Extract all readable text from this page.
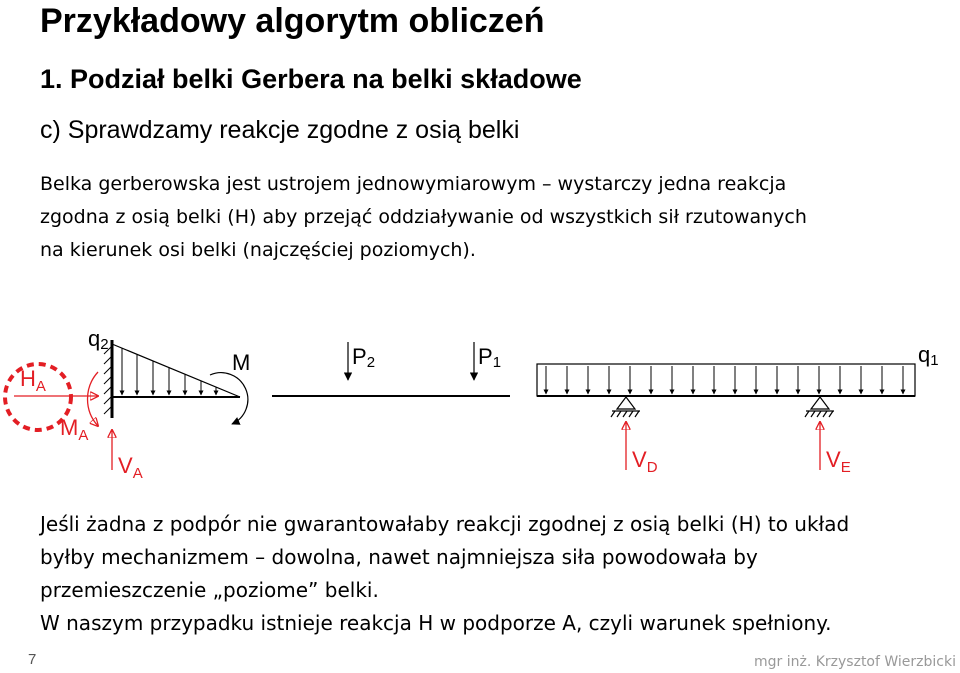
Przykładowy algorytm obliczeń
1. Podział belki Gerbera na belki składowe
c) Sprawdzamy reakcje zgodne z osią belki
Belka gerberowska jest ustrojem jednowymiarowym – wystarczy jedna reakcja
zgodna z osią belki (H) aby przejąć oddziaływanie od wszystkich sił rzutowanych
na kierunek osi belki (najczęściej poziomych).
$H_A$
$M_A$
$V_A$
q2
M	P2	P1	q1
$V_D$	$V_E$
Jeśli żadna z podpór nie gwarantowałaby reakcji zgodnej z osią belki (H) to układ
byłby mechanizmem – dowolna, nawet najmniejsza siła powodowała by
przemieszczenie „poziome” belki.
W naszym przypadku istnieje reakcja H w podporze A, czyli warunek spełniony.
7	mgr inż. Krzysztof Wierzbicki
